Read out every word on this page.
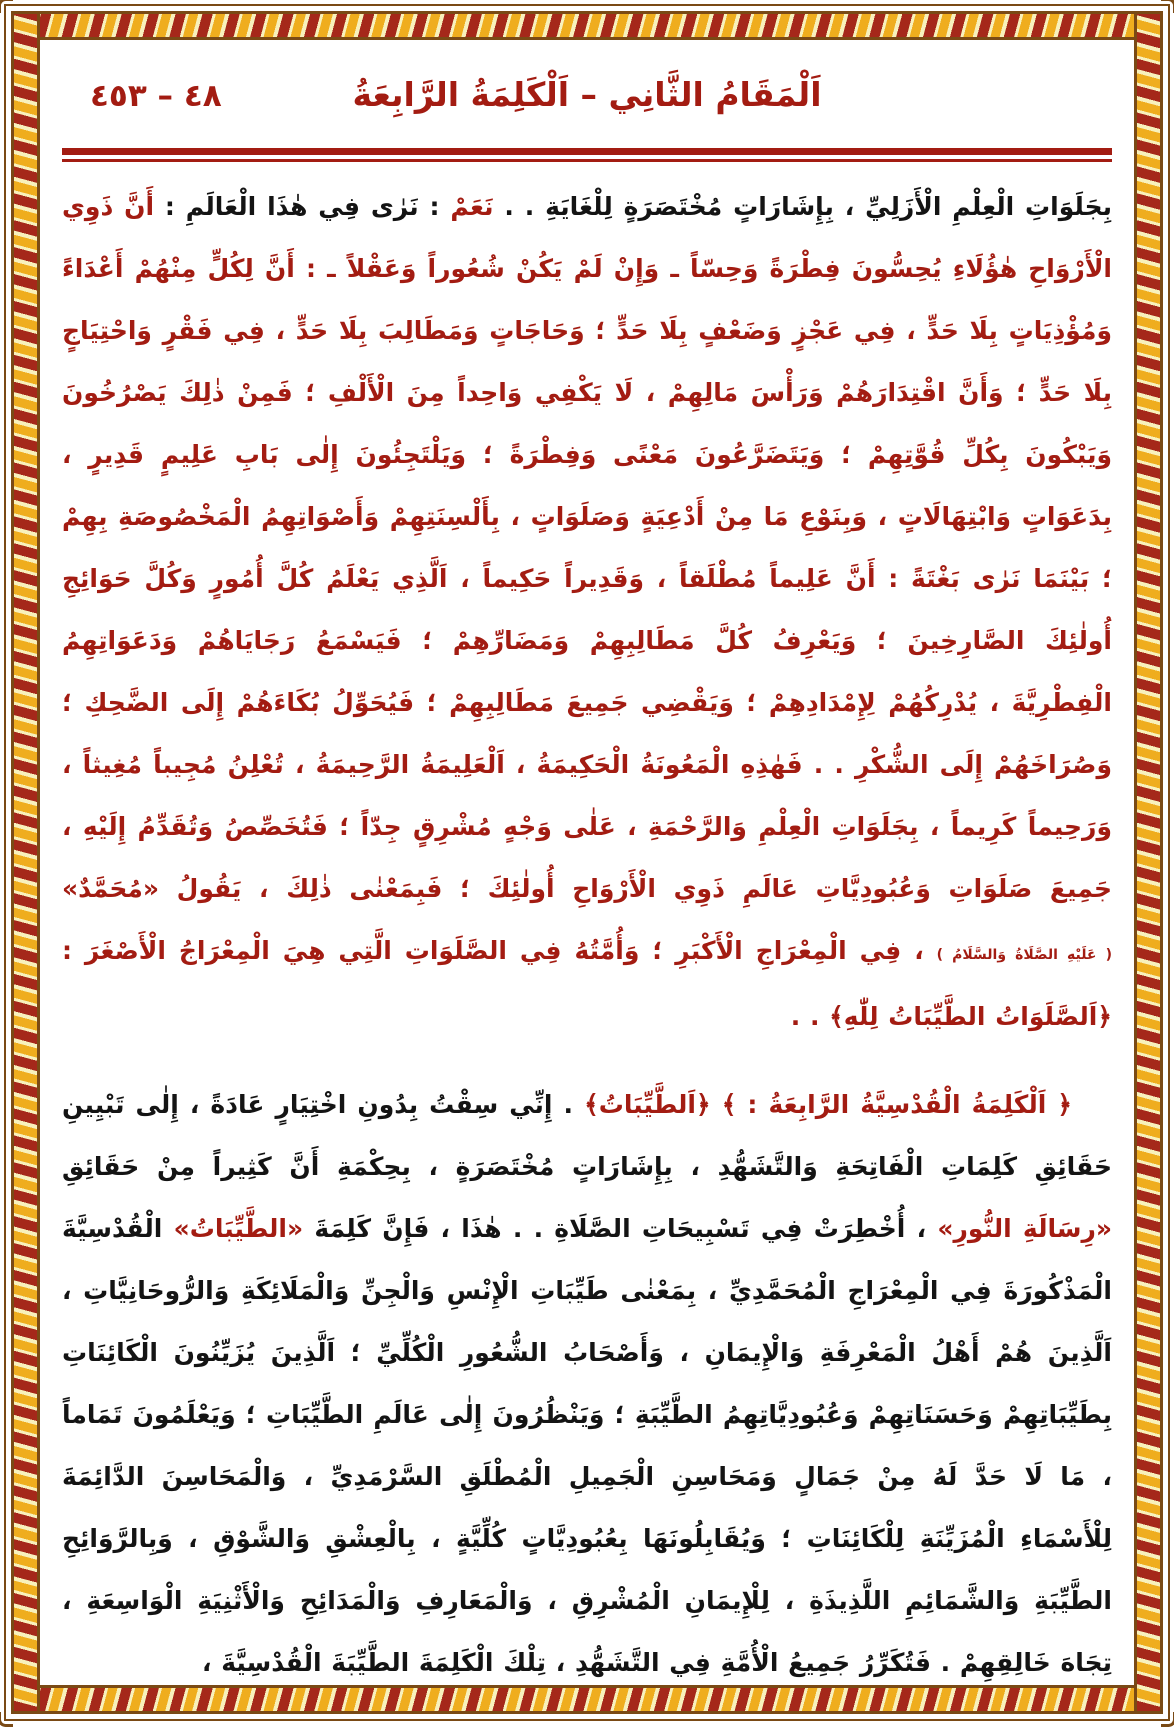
٤٨ – ٤٥٣	اَلْمَقَامُ الثَّانِي – اَلْكَلِمَةُ الرَّابِعَةُ

بِجَلَوَاتِ الْعِلْمِ الْأَزَلِيِّ ، بِإِشَارَاتٍ مُخْتَصَرَةٍ لِلْغَايَةِ . . نَعَمْ : نَرٰى فِي هٰذَا الْعَالَمِ : أَنَّ ذَوِي الْأَرْوَاحِ هٰؤُلَاءِ يُحِسُّونَ فِطْرَةً وَحِسّاً ـ وَإِنْ لَمْ يَكُنْ شُعُوراً وَعَقْلاً ـ : أَنَّ لِكُلٍّ مِنْهُمْ أَعْدَاءً وَمُؤْذِيَاتٍ بِلَا حَدٍّ ، فِي عَجْزٍ وَضَعْفٍ بِلَا حَدٍّ ؛ وَحَاجَاتٍ وَمَطَالِبَ بِلَا حَدٍّ ، فِي فَقْرٍ وَاحْتِيَاجٍ بِلَا حَدٍّ ؛ وَأَنَّ اقْتِدَارَهُمْ وَرَأْسَ مَالِهِمْ ، لَا يَكْفِي وَاحِداً مِنَ الْأَلْفِ ؛ فَمِنْ ذٰلِكَ يَصْرُخُونَ وَيَبْكُونَ بِكُلِّ قُوَّتِهِمْ ؛ وَيَتَضَرَّعُونَ مَعْنًى وَفِطْرَةً ؛ وَيَلْتَجِئُونَ إِلٰى بَابِ عَلِيمٍ قَدِيرٍ ، بِدَعَوَاتٍ وَابْتِهَالَاتٍ ، وَبِنَوْعِ مَا مِنْ أَدْعِيَةٍ وَصَلَوَاتٍ ، بِأَلْسِنَتِهِمْ وَأَصْوَاتِهِمُ الْمَخْصُوصَةِ بِهِمْ ؛ بَيْنَمَا نَرٰى بَغْتَةً : أَنَّ عَلِيماً مُطْلَقاً ، وَقَدِيراً حَكِيماً ، اَلَّذِي يَعْلَمُ كُلَّ أُمُورٍ وَكُلَّ حَوَائِجِ أُولٰئِكَ الصَّارِخِينَ ؛ وَيَعْرِفُ كُلَّ مَطَالِبِهِمْ وَمَضَارِّهِمْ ؛ فَيَسْمَعُ رَجَايَاهُمْ وَدَعَوَاتِهِمُ الْفِطْرِيَّةَ ، يُدْرِكُهُمْ لِإِمْدَادِهِمْ ؛ وَيَقْضِي جَمِيعَ مَطَالِبِهِمْ ؛ فَيُحَوِّلُ بُكَاءَهُمْ إِلَى الضَّحِكِ ؛ وَصُرَاخَهُمْ إِلَى الشُّكْرِ . . فَهٰذِهِ الْمَعُونَةُ الْحَكِيمَةُ ، اَلْعَلِيمَةُ الرَّحِيمَةُ ، تُعْلِنُ مُجِيباً مُغِيثاً ، وَرَحِيماً كَرِيماً ، بِجَلَوَاتِ الْعِلْمِ وَالرَّحْمَةِ ، عَلٰى وَجْهٍ مُشْرِقٍ جِدّاً ؛ فَتُخَصِّصُ وَتُقَدِّمُ إِلَيْهِ ، جَمِيعَ صَلَوَاتِ وَعُبُودِيَّاتِ عَالَمِ ذَوِي الْأَرْوَاحِ أُولٰئِكَ ؛ فَبِمَعْنٰى ذٰلِكَ ، يَقُولُ «مُحَمَّدٌ» ( عَلَيْهِ الصَّلَاةُ وَالسَّلَامُ ) ، فِي الْمِعْرَاجِ الْأَكْبَرِ ؛ وَأُمَّتُهُ فِي الصَّلَوَاتِ الَّتِي هِيَ الْمِعْرَاجُ الْأَصْغَرَ : ﴿اَلصَّلَوَاتُ الطَّيِّبَاتُ لِلّٰهِ﴾ . .

﴿ اَلْكَلِمَةُ الْقُدْسِيَّةُ الرَّابِعَةُ : ﴾ ﴿اَلطَّيِّبَاتُ﴾ . إِنِّي سِقْتُ بِدُونِ اخْتِيَارٍ عَادَةً ، إِلٰى تَبْيِينِ حَقَائِقِ كَلِمَاتِ الْفَاتِحَةِ وَالتَّشَهُّدِ ، بِإِشَارَاتٍ مُخْتَصَرَةٍ ، بِحِكْمَةِ أَنَّ كَثِيراً مِنْ حَقَائِقِ «رِسَالَةِ النُّورِ» ، أُخْطِرَتْ فِي تَسْبِيحَاتِ الصَّلَاةِ . . هٰذَا ، فَإِنَّ كَلِمَةَ «الطَّيِّبَاتُ» الْقُدْسِيَّةَ الْمَذْكُورَةَ فِي الْمِعْرَاجِ الْمُحَمَّدِيِّ ، بِمَعْنٰى طَيِّبَاتِ الْإِنْسِ وَالْجِنِّ وَالْمَلَائِكَةِ وَالرُّوحَانِيَّاتِ ، اَلَّذِينَ هُمْ أَهْلُ الْمَعْرِفَةِ وَالْإِيمَانِ ، وَأَصْحَابُ الشُّعُورِ الْكُلِّيِّ ؛ اَلَّذِينَ يُزَيِّنُونَ الْكَائِنَاتِ بِطَيِّبَاتِهِمْ وَحَسَنَاتِهِمْ وَعُبُودِيَّاتِهِمُ الطَّيِّبَةِ ؛ وَيَنْظُرُونَ إِلٰى عَالَمِ الطَّيِّبَاتِ ؛ وَيَعْلَمُونَ تَمَاماً ، مَا لَا حَدَّ لَهُ مِنْ جَمَالٍ وَمَحَاسِنِ الْجَمِيلِ الْمُطْلَقِ السَّرْمَدِيِّ ، وَالْمَحَاسِنَ الدَّائِمَةَ لِلْأَسْمَاءِ الْمُزَيِّنَةِ لِلْكَائِنَاتِ ؛ وَيُقَابِلُونَهَا بِعُبُودِيَّاتٍ كُلِّيَّةٍ ، بِالْعِشْقِ وَالشَّوْقِ ، وَبِالرَّوَائِحِ الطَّيِّبَةِ وَالشَّمَائِمِ اللَّذِيذَةِ ، لِلْإِيمَانِ الْمُشْرِقِ ، وَالْمَعَارِفِ وَالْمَدَائِحِ وَالْأَثْنِيَةِ الْوَاسِعَةِ ، تِجَاهَ خَالِقِهِمْ . فَتُكَرِّرُ جَمِيعُ الْأُمَّةِ فِي التَّشَهُّدِ ، تِلْكَ الْكَلِمَةَ الطَّيِّبَةَ الْقُدْسِيَّةَ ،
